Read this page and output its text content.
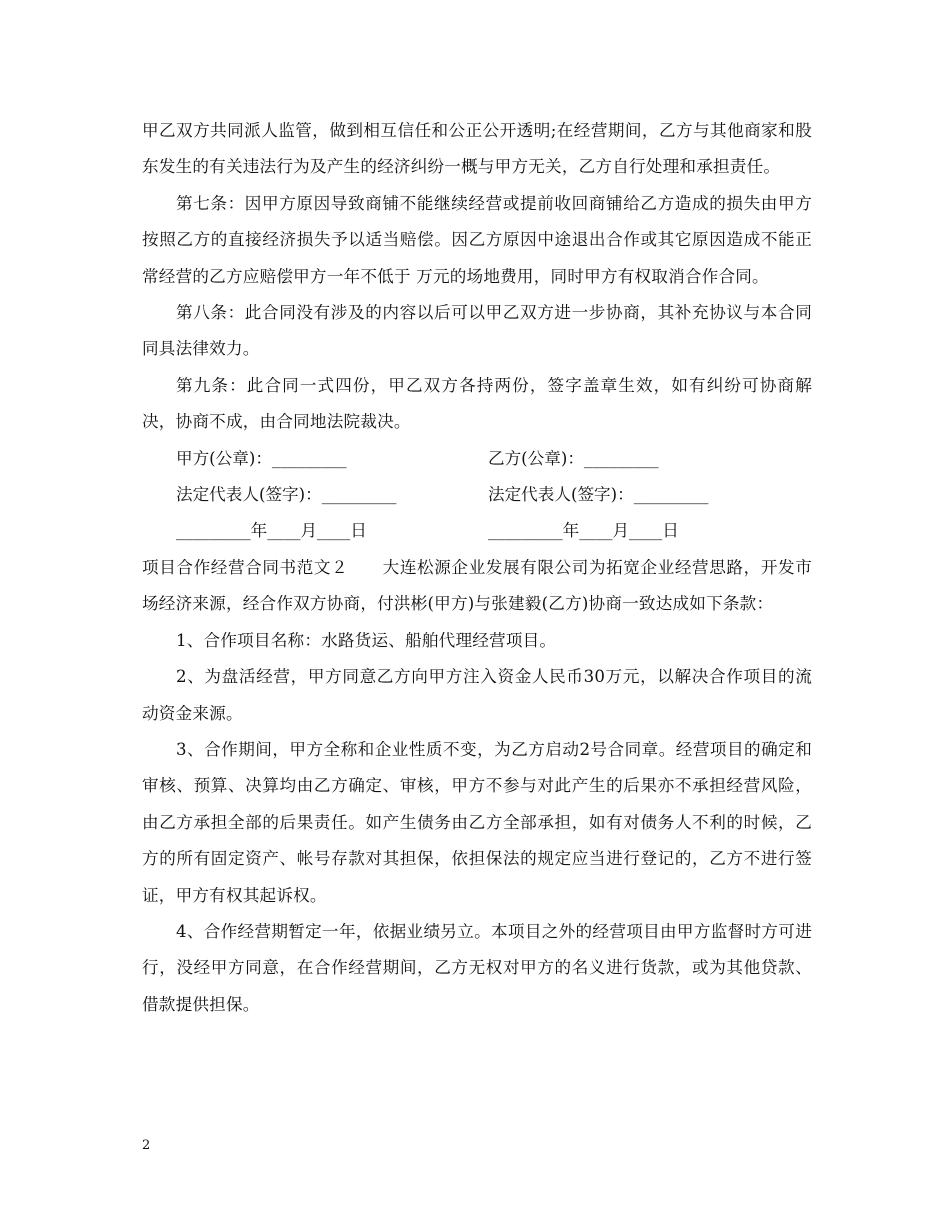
甲乙双方共同派人监管，做到相互信任和公正公开透明;在经营期间，乙方与其他商家和股东发生的有关违法行为及产生的经济纠纷一概与甲方无关，乙方自行处理和承担责任。

第七条：因甲方原因导致商铺不能继续经营或提前收回商铺给乙方造成的损失由甲方按照乙方的直接经济损失予以适当赔偿。因乙方原因中途退出合作或其它原因造成不能正常经营的乙方应赔偿甲方一年不低于 万元的场地费用，同时甲方有权取消合作合同。

第八条：此合同没有涉及的内容以后可以甲乙双方进一步协商，其补充协议与本合同同具法律效力。

第九条：此合同一式四份，甲乙双方各持两份，签字盖章生效，如有纠纷可协商解决，协商不成，由合同地法院裁决。

甲方(公章)：_________	乙方(公章)：_________
法定代表人(签字)：_________	法定代表人(签字)：_________
_________年____月____日	_________年____月____日

项目合作经营合同书范文２　　大连松源企业发展有限公司为拓宽企业经营思路，开发市场经济来源，经合作双方协商，付洪彬(甲方)与张建毅(乙方)协商一致达成如下条款：

1、合作项目名称：水路货运、船舶代理经营项目。

2、为盘活经营，甲方同意乙方向甲方注入资金人民币30万元，以解决合作项目的流动资金来源。

3、合作期间，甲方全称和企业性质不变，为乙方启动2号合同章。经营项目的确定和审核、预算、决算均由乙方确定、审核，甲方不参与对此产生的后果亦不承担经营风险，由乙方承担全部的后果责任。如产生债务由乙方全部承担，如有对债务人不利的时候，乙方的所有固定资产、帐号存款对其担保，依担保法的规定应当进行登记的，乙方不进行签证，甲方有权其起诉权。

4、合作经营期暂定一年，依据业绩另立。本项目之外的经营项目由甲方监督时方可进行，没经甲方同意，在合作经营期间，乙方无权对甲方的名义进行货款，或为其他贷款、借款提供担保。

2
